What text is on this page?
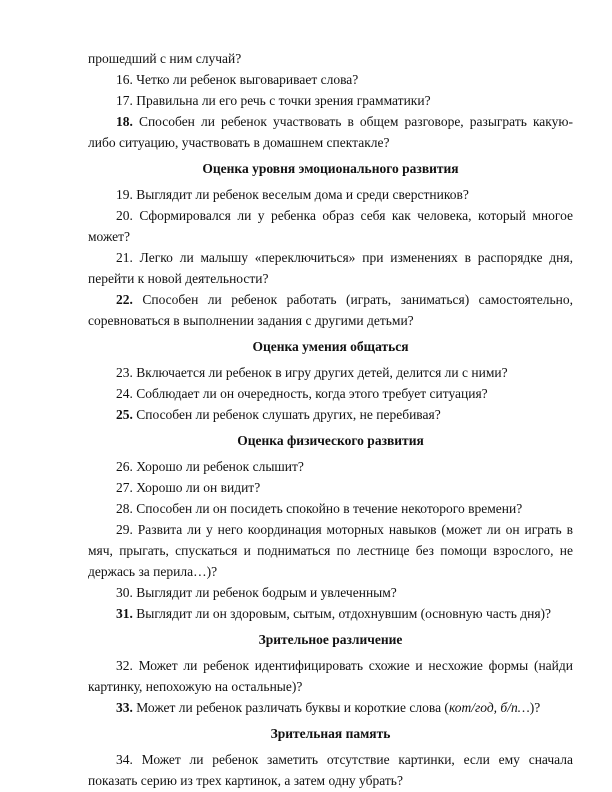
прошедший с ним случай?

16. Четко ли ребенок выговаривает слова?

17. Правильна ли его речь с точки зрения грамматики?

18. Способен ли ребенок участвовать в общем разговоре, разыграть какую-

либо ситуацию, участвовать в домашнем спектакле?

Оценка уровня эмоционального развития

19. Выглядит ли ребенок веселым дома и среди сверстников?

20. Сформировался ли у ребенка образ себя как человека, который многое

может?

21. Легко ли малышу «переключиться» при изменениях в распорядке дня,

перейти к новой деятельности?

22. Способен ли ребенок работать (играть, заниматься) самостоятельно,

соревноваться в выполнении задания с другими детьми?

Оценка умения общаться

23. Включается ли ребенок в игру других детей, делится ли с ними?

24. Соблюдает ли он очередность, когда этого требует ситуация?

25. Способен ли ребенок слушать других, не перебивая?

Оценка физического развития

26. Хорошо ли ребенок слышит?

27. Хорошо ли он видит?

28. Способен ли он посидеть спокойно в течение некоторого времени?

29. Развита ли у него координация моторных навыков (может ли он играть в

мяч, прыгать, спускаться и подниматься по лестнице без помощи взрослого, не

держась за перила…)?

30. Выглядит ли ребенок бодрым и увлеченным?

31. Выглядит ли он здоровым, сытым, отдохнувшим (основную часть дня)?

Зрительное различение

32. Может ли ребенок идентифицировать схожие и несхожие формы (найди

картинку, непохожую на остальные)?

33. Может ли ребенок различать буквы и короткие слова (кот/год, б/п…)?

Зрительная память

34. Может ли ребенок заметить отсутствие картинки, если ему сначала

показать серию из трех картинок, а затем одну убрать?
